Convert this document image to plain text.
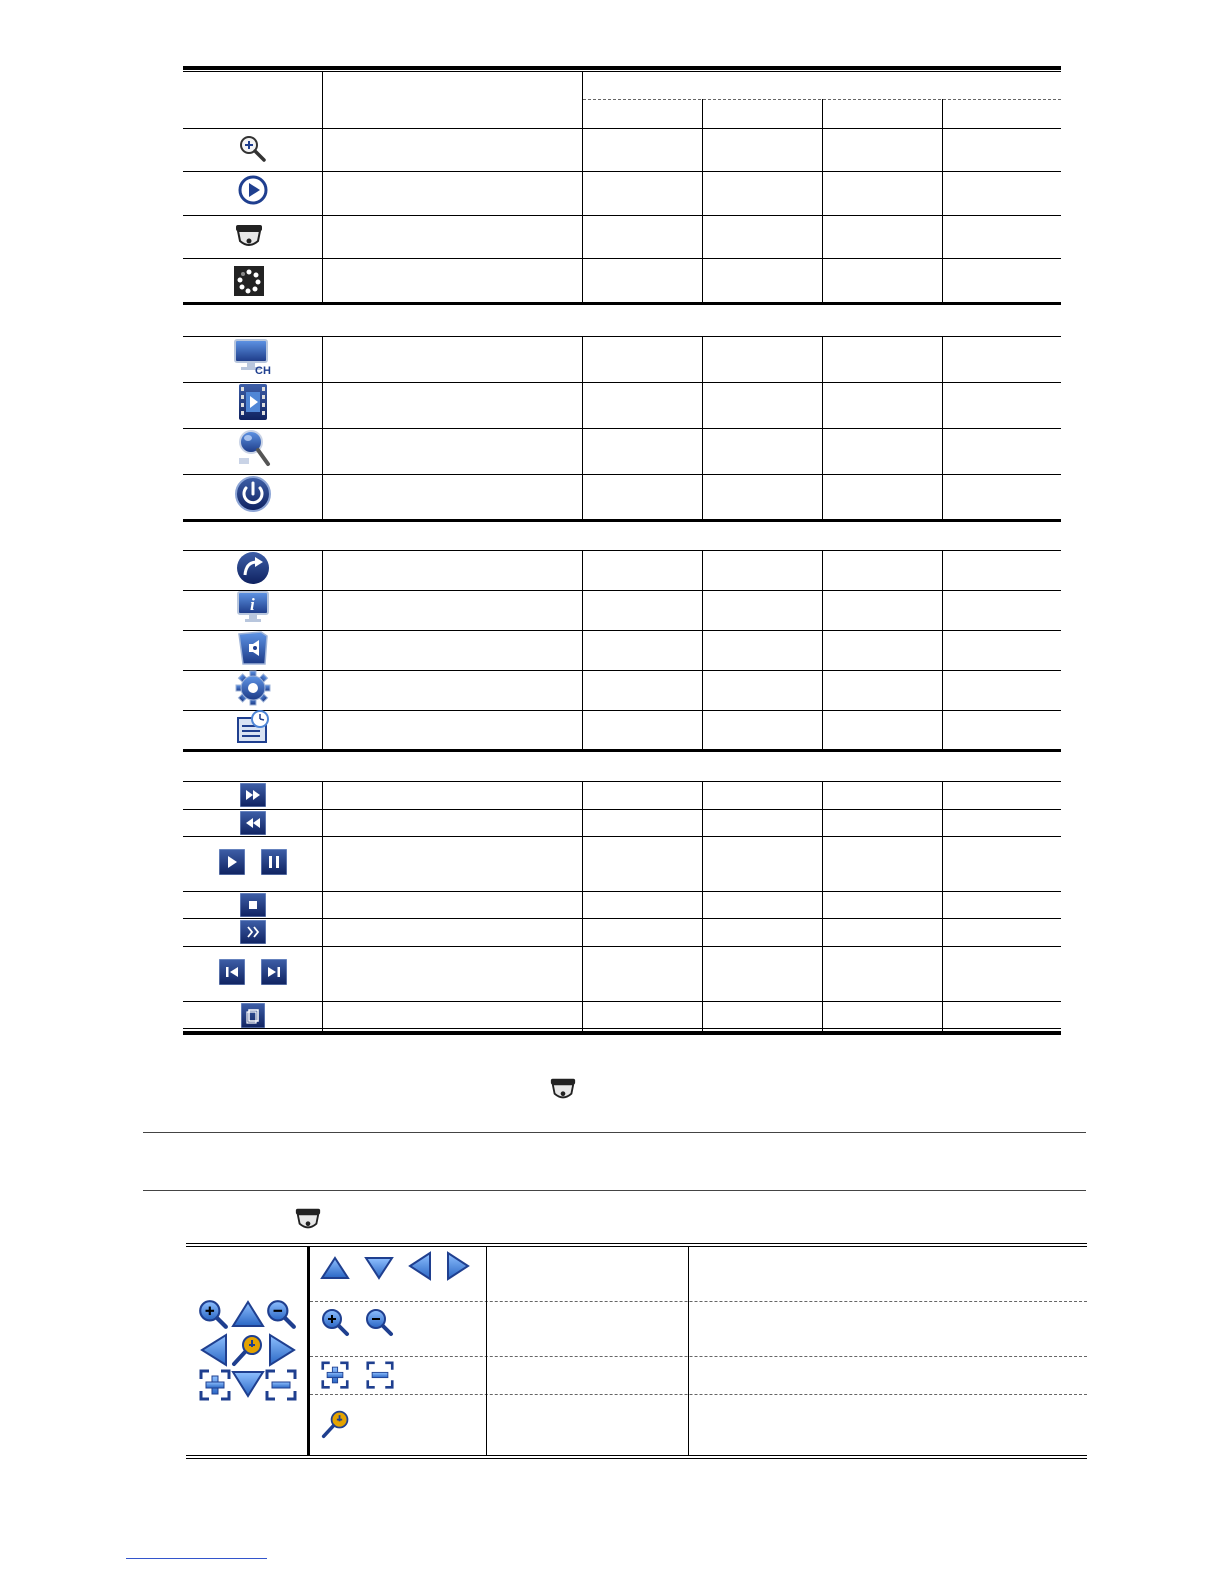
CH
i
